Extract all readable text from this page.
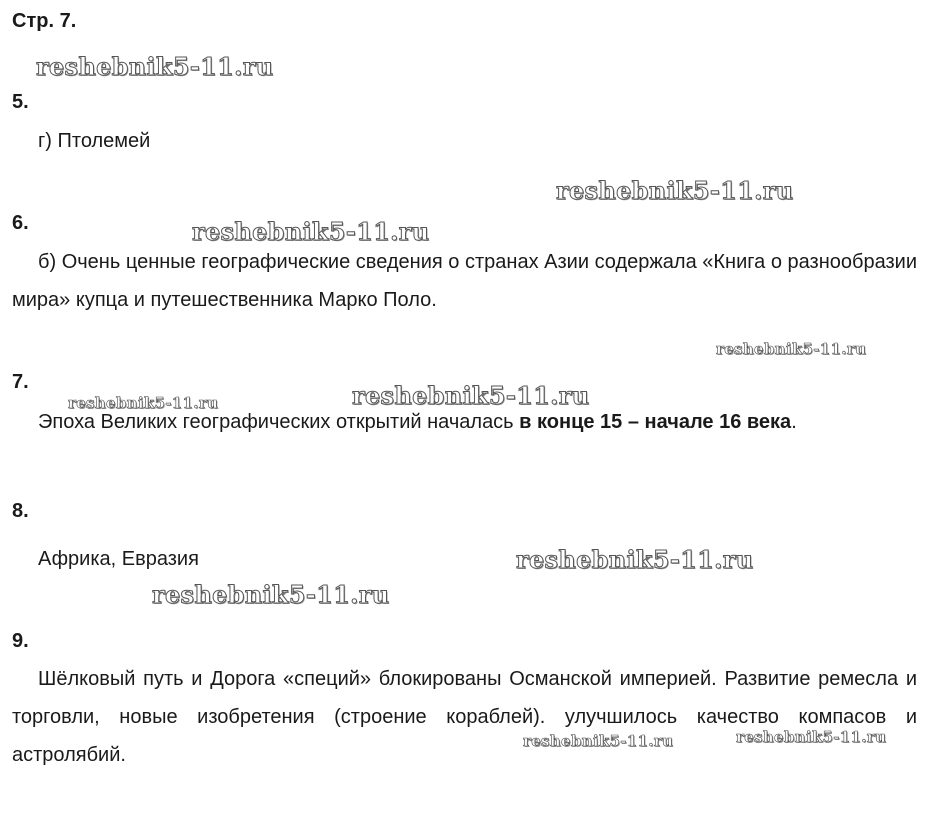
Стр. 7.
reshebnik5-11.ru
reshebnik5-11.ru
reshebnik5-11.ru
reshebnik5-11.ru
reshebnik5-11.ru	reshebnik5-11.ru
reshebnik5-11.ru
reshebnik5-11.ru
reshebnik5-11.ru	reshebnik5-11.ru
5.
г) Птолемей
6.
б) Очень ценные географические сведения о странах Азии содержала «Книга о разнообразии мира» купца и путешественника Марко Поло.
7.
Эпоха Великих географических открытий началась в конце 15 – начале 16 века.
8.
Африка, Евразия
9.
Шёлковый путь и Дорога «специй» блокированы Османской империей. Развитие ремесла и торговли, новые изобретения (строение кораблей). улучшилось качество компасов и астролябий.
